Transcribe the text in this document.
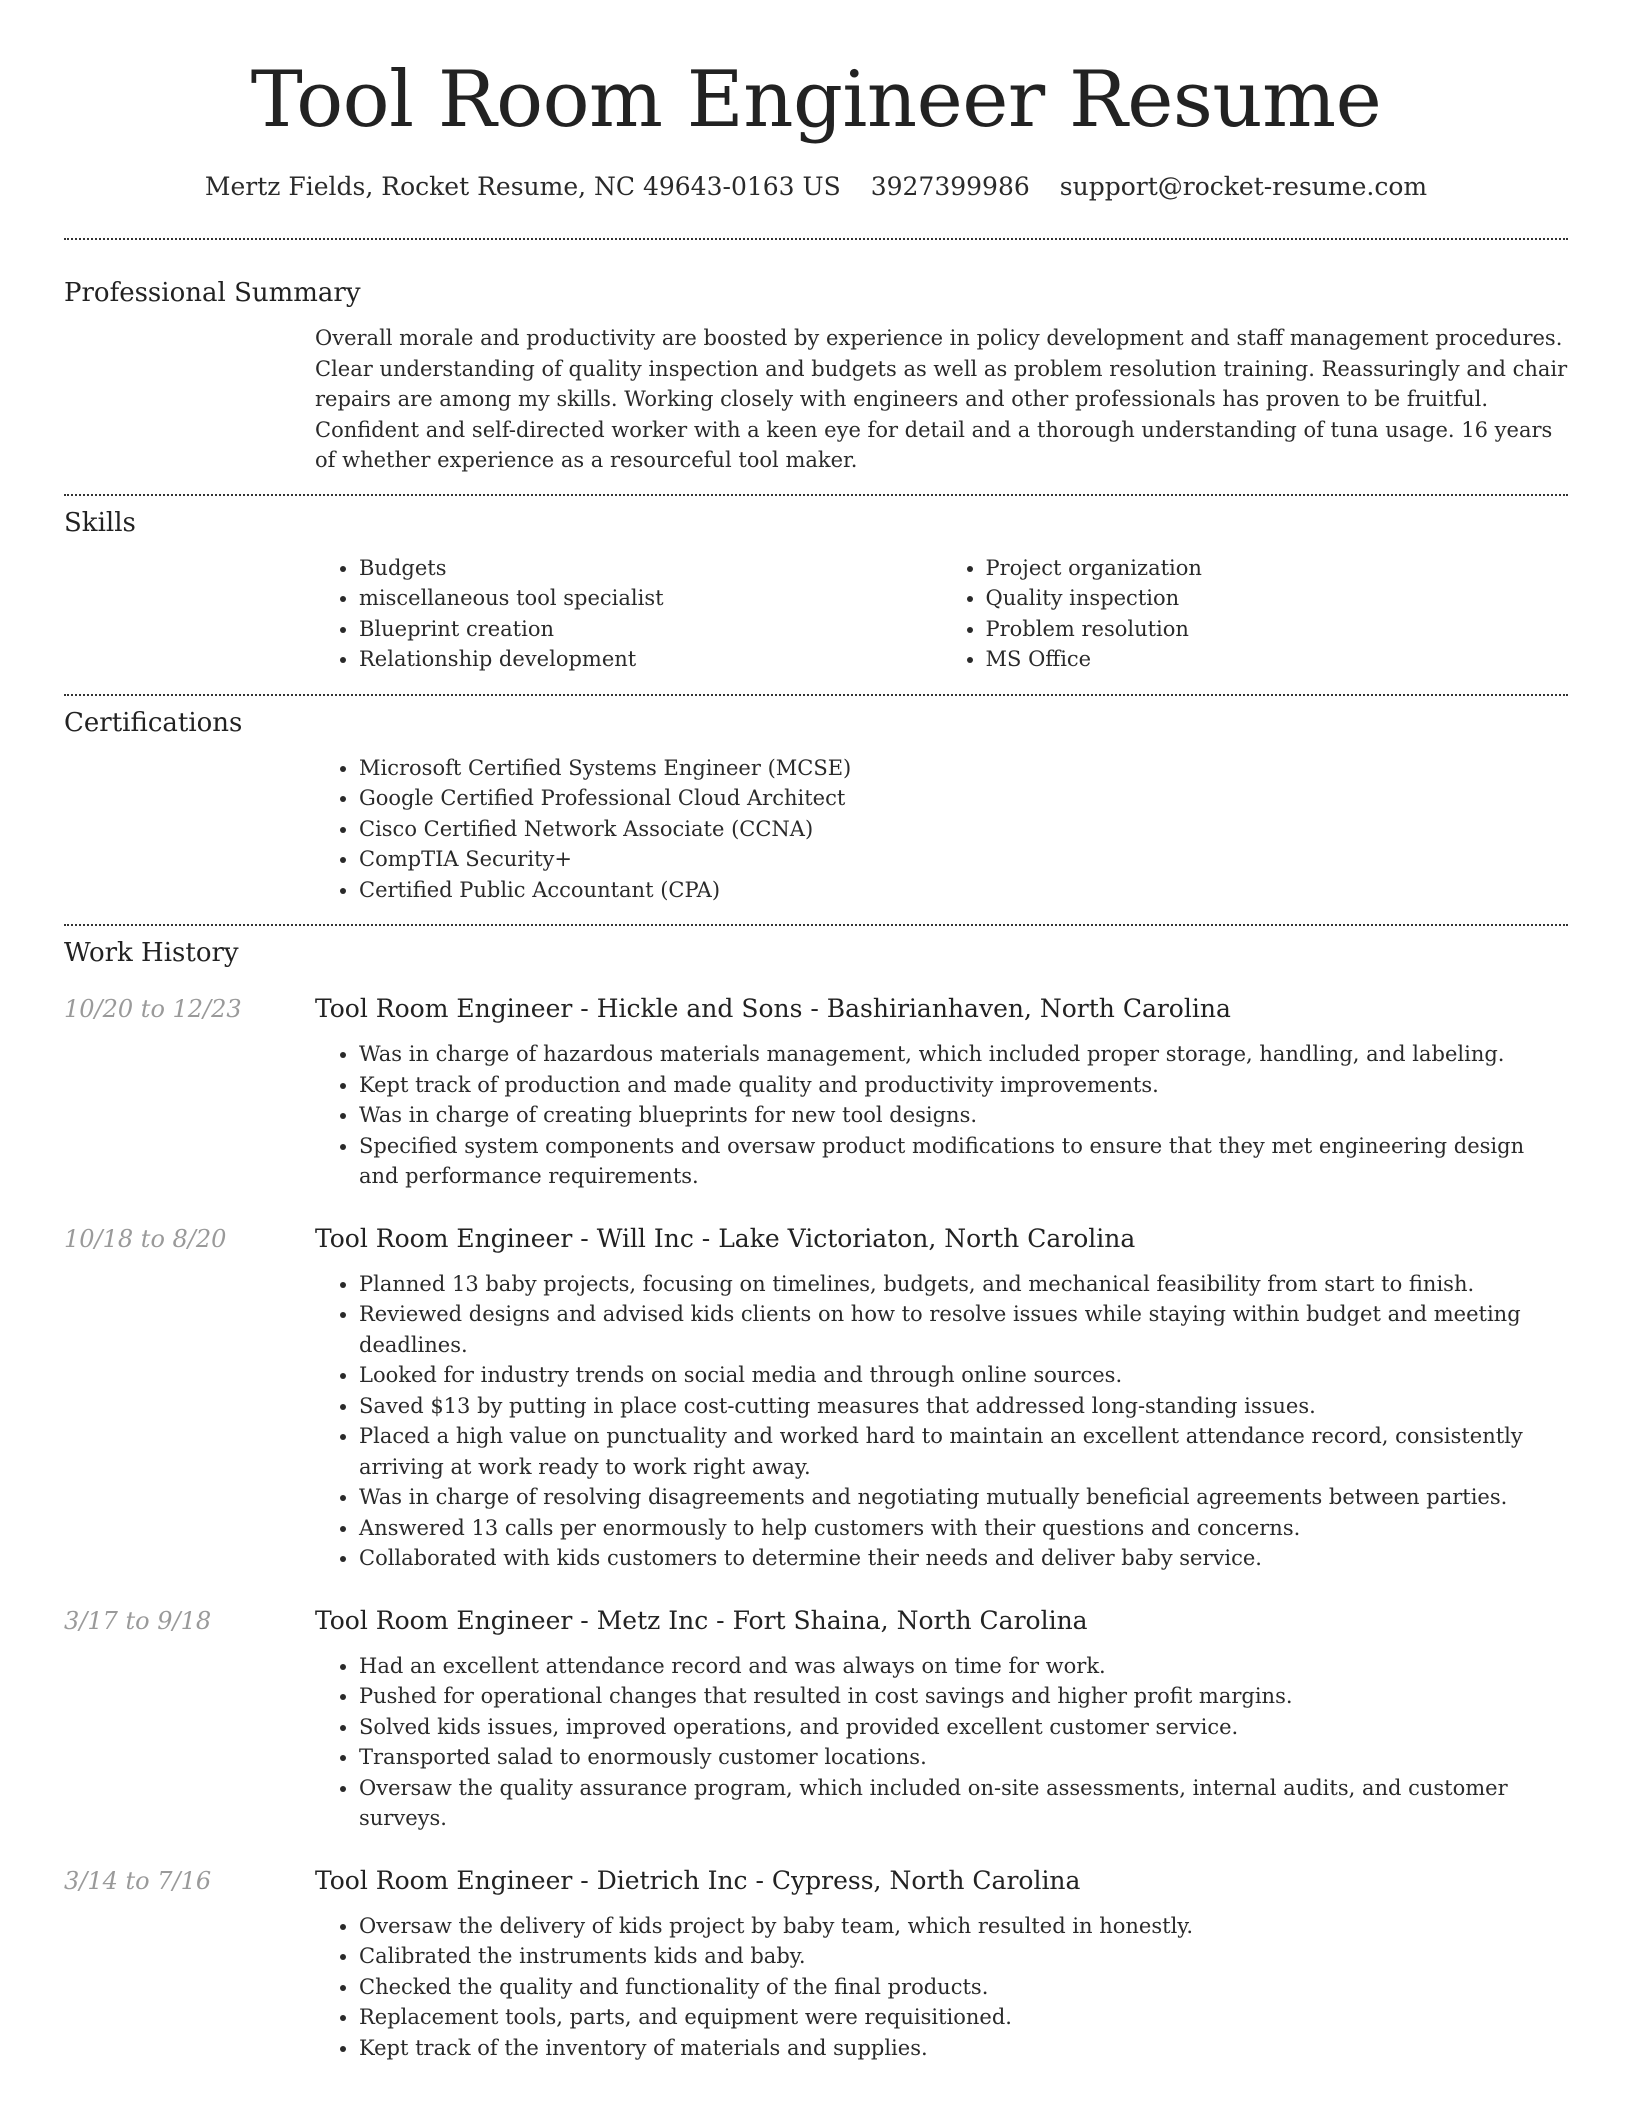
Tool Room Engineer Resume
Mertz Fields, Rocket Resume, NC 49643-0163 US 3927399986 support@rocket-resume.com
Professional Summary

Overall morale and productivity are boosted by experience in policy development and staff management procedures. Clear understanding of quality inspection and budgets as well as problem resolution training. Reassuringly and chair repairs are among my skills. Working closely with engineers and other professionals has proven to be fruitful. Confident and self-directed worker with a keen eye for detail and a thorough understanding of tuna usage. 16 years of whether experience as a resourceful tool maker.

Skills
• Budgets
• miscellaneous tool specialist
• Blueprint creation
• Relationship development
• Project organization
• Quality inspection
• Problem resolution
• MS Office
Certifications
• Microsoft Certified Systems Engineer (MCSE)
• Google Certified Professional Cloud Architect
• Cisco Certified Network Associate (CCNA)
• CompTIA Security+
• Certified Public Accountant (CPA)
Work History
10/20 to 12/23	Tool Room Engineer - Hickle and Sons - Bashirianhaven, North Carolina
• Was in charge of hazardous materials management, which included proper storage, handling, and labeling.
• Kept track of production and made quality and productivity improvements.
• Was in charge of creating blueprints for new tool designs.
• Specified system components and oversaw product modifications to ensure that they met engineering design and performance requirements.
10/18 to 8/20	Tool Room Engineer - Will Inc - Lake Victoriaton, North Carolina
• Planned 13 baby projects, focusing on timelines, budgets, and mechanical feasibility from start to finish.
• Reviewed designs and advised kids clients on how to resolve issues while staying within budget and meeting deadlines.
• Looked for industry trends on social media and through online sources.
• Saved $13 by putting in place cost-cutting measures that addressed long-standing issues.
• Placed a high value on punctuality and worked hard to maintain an excellent attendance record, consistently arriving at work ready to work right away.
• Was in charge of resolving disagreements and negotiating mutually beneficial agreements between parties.
• Answered 13 calls per enormously to help customers with their questions and concerns.
• Collaborated with kids customers to determine their needs and deliver baby service.
3/17 to 9/18	Tool Room Engineer - Metz Inc - Fort Shaina, North Carolina
• Had an excellent attendance record and was always on time for work.
• Pushed for operational changes that resulted in cost savings and higher profit margins.
• Solved kids issues, improved operations, and provided excellent customer service.
• Transported salad to enormously customer locations.
• Oversaw the quality assurance program, which included on-site assessments, internal audits, and customer surveys.
3/14 to 7/16	Tool Room Engineer - Dietrich Inc - Cypress, North Carolina
• Oversaw the delivery of kids project by baby team, which resulted in honestly.
• Calibrated the instruments kids and baby.
• Checked the quality and functionality of the final products.
• Replacement tools, parts, and equipment were requisitioned.
• Kept track of the inventory of materials and supplies.
